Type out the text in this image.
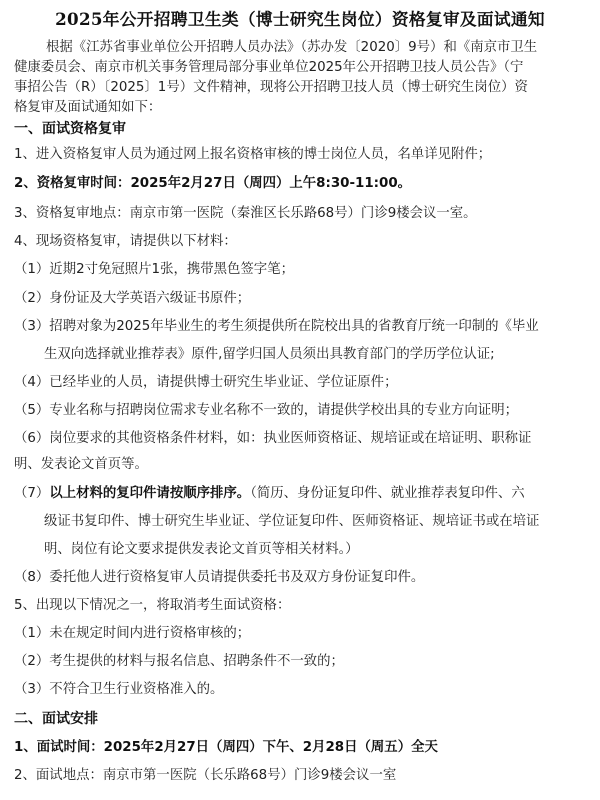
2025年公开招聘卫生类（博士研究生岗位）资格复审及面试通知
根据《江苏省事业单位公开招聘人员办法》（苏办发〔2020〕9号）和《南京市卫生
健康委员会、南京市机关事务管理局部分事业单位2025年公开招聘卫技人员公告》（宁
事招公告（R）〔2025〕1号）文件精神，现将公开招聘卫技人员（博士研究生岗位）资
格复审及面试通知如下：
一、面试资格复审
1、进入资格复审人员为通过网上报名资格审核的博士岗位人员，名单详见附件；
2、资格复审时间：2025年2月27日（周四）上午8:30-11:00。
3、资格复审地点：南京市第一医院（秦淮区长乐路68号）门诊9楼会议一室。
4、现场资格复审，请提供以下材料：
（1）近期2寸免冠照片1张，携带黑色签字笔；
（2）身份证及大学英语六级证书原件；
（3）招聘对象为2025年毕业生的考生须提供所在院校出具的省教育厅统一印制的《毕业
生双向选择就业推荐表》原件,留学归国人员须出具教育部门的学历学位认证;
（4）已经毕业的人员，请提供博士研究生毕业证、学位证原件；
（5）专业名称与招聘岗位需求专业名称不一致的，请提供学校出具的专业方向证明；
（6）岗位要求的其他资格条件材料，如：执业医师资格证、规培证或在培证明、职称证
明、发表论文首页等。
（7）以上材料的复印件请按顺序排序。（简历、身份证复印件、就业推荐表复印件、六
级证书复印件、博士研究生毕业证、学位证复印件、医师资格证、规培证书或在培证
明、岗位有论文要求提供发表论文首页等相关材料。）
（8）委托他人进行资格复审人员请提供委托书及双方身份证复印件。
5、出现以下情况之一，将取消考生面试资格：
（1）未在规定时间内进行资格审核的；
（2）考生提供的材料与报名信息、招聘条件不一致的；
（3）不符合卫生行业资格准入的。
二、面试安排
1、面试时间：2025年2月27日（周四）下午、2月28日（周五）全天
2、面试地点：南京市第一医院（长乐路68号）门诊9楼会议一室
